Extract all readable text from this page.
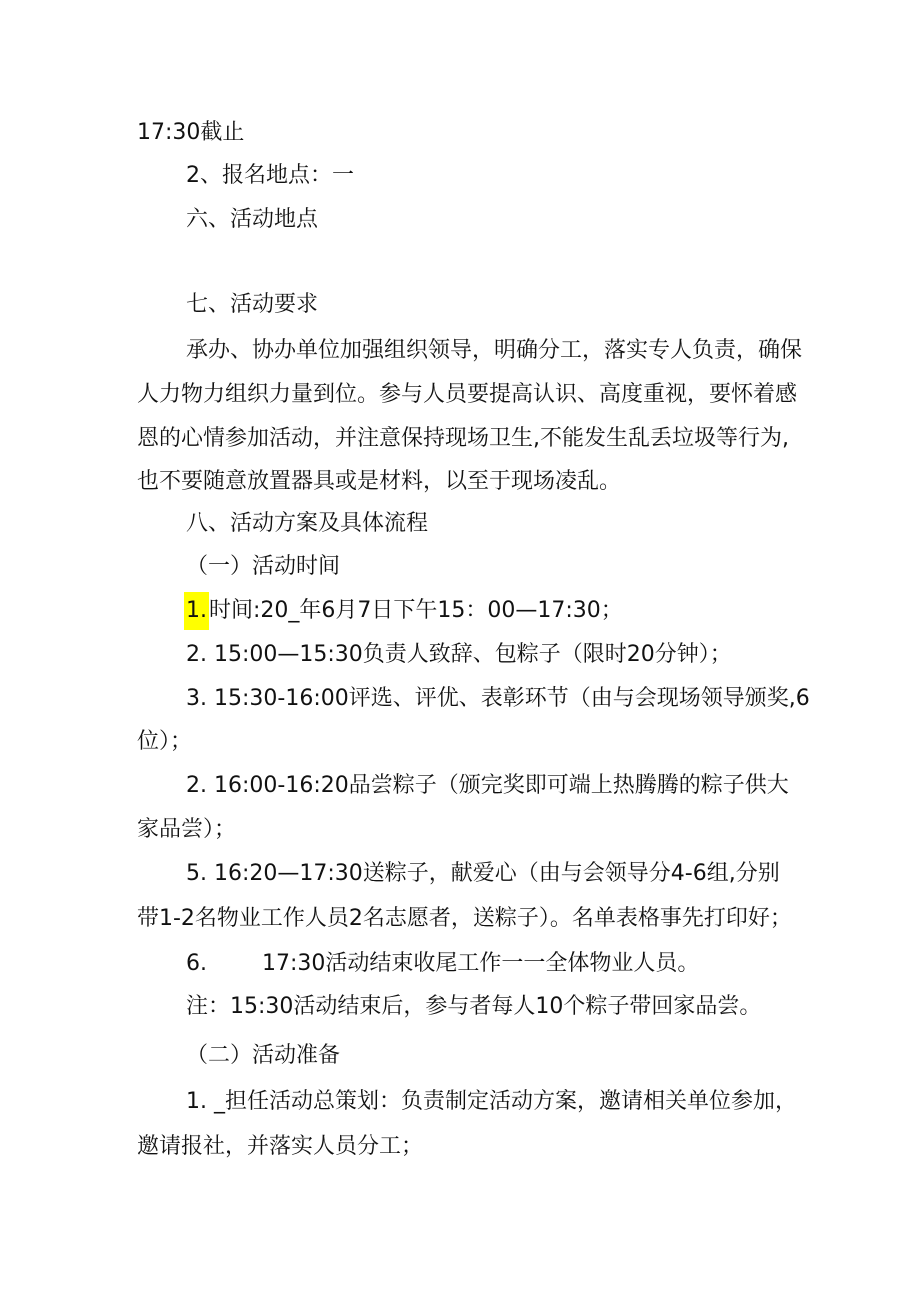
17:30截止
2、报名地点：一
六、活动地点
七、活动要求
承办、协办单位加强组织领导，明确分工，落实专人负责，确保
人力物力组织力量到位。参与人员要提高认识、高度重视，要怀着感
恩的心情参加活动，并注意保持现场卫生,不能发生乱丢垃圾等行为,
也不要随意放置器具或是材料，以至于现场凌乱。
八、活动方案及具体流程
（一）活动时间
1.时间:20_年6月7日下午15：00—17:30；
2. 15:00—15:30负责人致辞、包粽子（限时20分钟）；
3. 15:30-16:00评选、评优、表彰环节（由与会现场领导颁奖,6
位）；
2. 16:00-16:20品尝粽子（颁完奖即可端上热腾腾的粽子供大
家品尝）；
5. 16:20—17:30送粽子，献爱心（由与会领导分4-6组,分别
带1-2名物业工作人员2名志愿者，送粽子）。名单表格事先打印好；
6.	17:30活动结束收尾工作一一全体物业人员。
注：15:30活动结束后，参与者每人10个粽子带回家品尝。
（二）活动准备
1. _担任活动总策划：负责制定活动方案，邀请相关单位参加，
邀请报社，并落实人员分工；
